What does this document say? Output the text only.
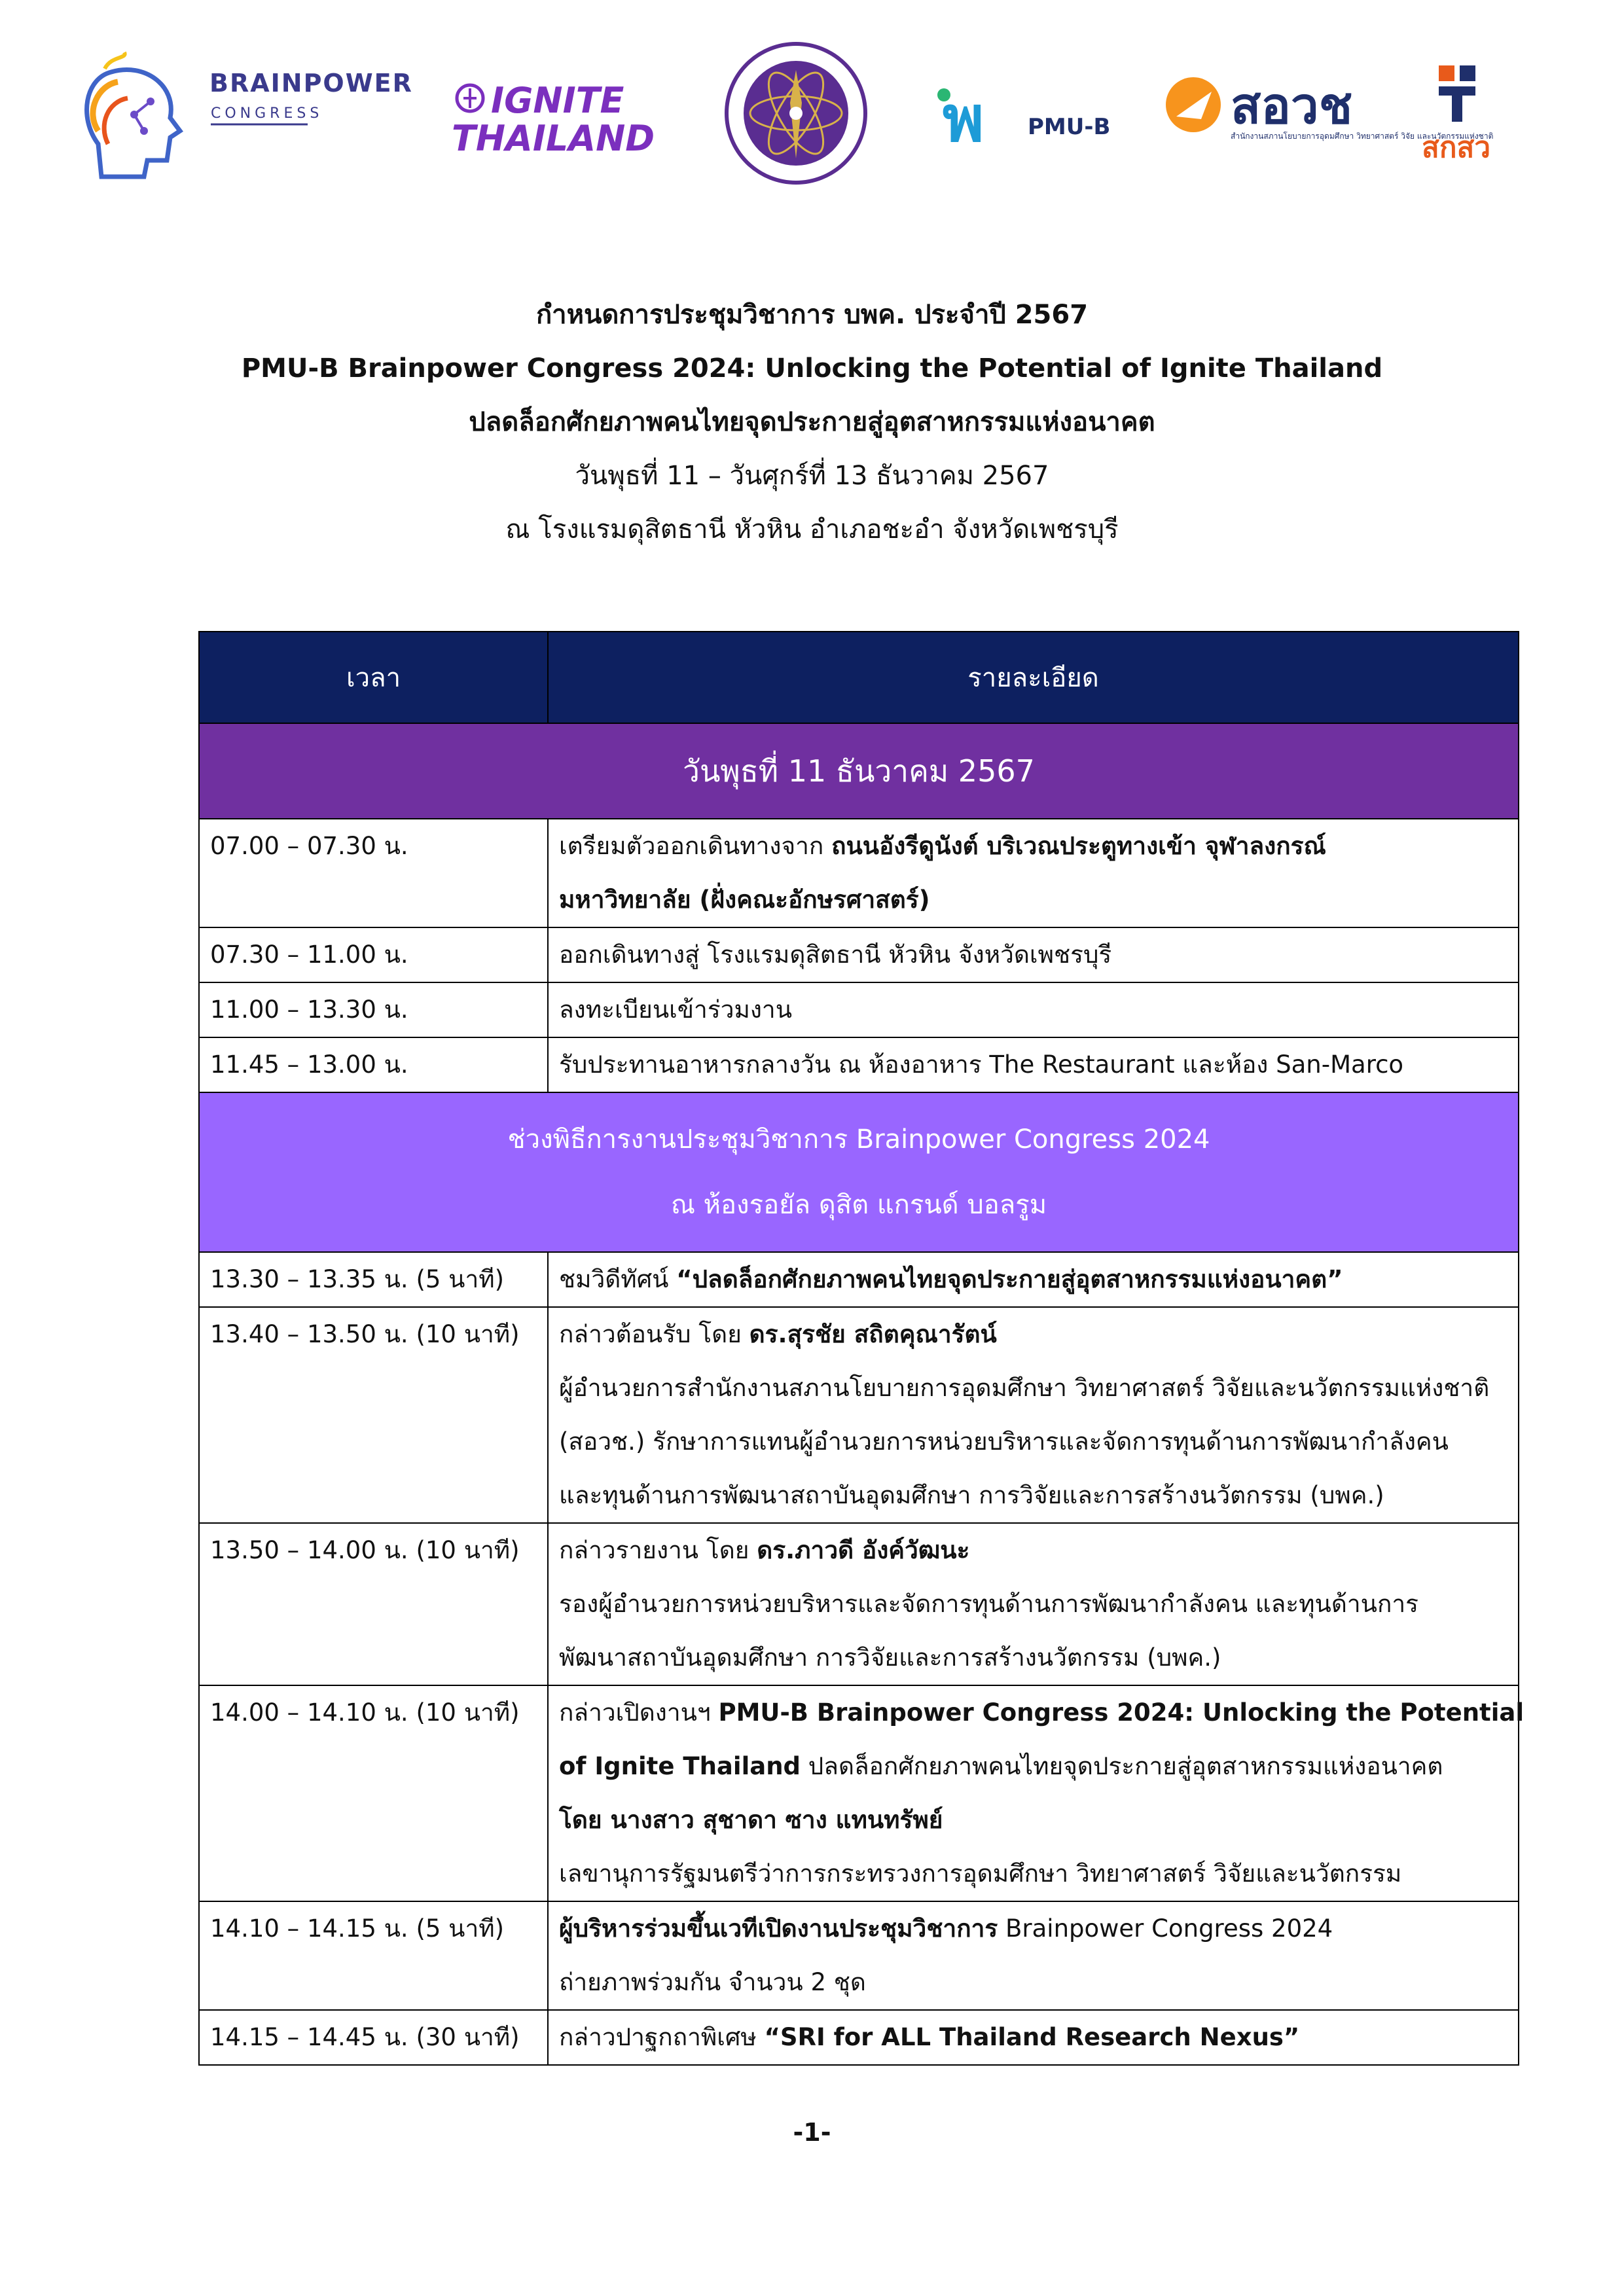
BRAINPOWER
CONGRESS	IGNITE
THAILAND	พ PMU-B สอวช
สำนักงานสภานโยบายการอุดมศึกษา วิทยาศาสตร์ วิจัย และนวัตกรรมแห่งชาติ
สกสว
กำหนดการประชุมวิชาการ บพค. ประจำปี 2567
PMU-B Brainpower Congress 2024: Unlocking the Potential of Ignite Thailand
ปลดล็อกศักยภาพคนไทยจุดประกายสู่อุตสาหกรรมแห่งอนาคต
วันพุธที่ 11 – วันศุกร์ที่ 13 ธันวาคม 2567
ณ โรงแรมดุสิตธานี หัวหิน อำเภอชะอำ จังหวัดเพชรบุรี
เวลา	รายละเอียด
วันพุธที่ 11 ธันวาคม 2567	
07.00 – 07.30 น.	เตรียมตัวออกเดินทางจาก ถนนอังรีดูนังต์ บริเวณประตูทางเข้า จุฬาลงกรณ์
มหาวิทยาลัย (ฝั่งคณะอักษรศาสตร์)

07.30 – 11.00 น.	ออกเดินทางสู่ โรงแรมดุสิตธานี หัวหิน จังหวัดเพชรบุรี
11.00 – 13.30 น.	ลงทะเบียนเข้าร่วมงาน
11.45 – 13.00 น.	รับประทานอาหารกลางวัน ณ ห้องอาหาร The Restaurant และห้อง San-Marco

ช่วงพิธีการงานประชุมวิชาการ Brainpower Congress 2024
ณ ห้องรอยัล ดุสิต แกรนด์ บอลรูม	

13.30 – 13.35 น. (5 นาที)	ชมวิดีทัศน์ “ปลดล็อกศักยภาพคนไทยจุดประกายสู่อุตสาหกรรมแห่งอนาคต”

13.40 – 13.50 น. (10 นาที)	กล่าวต้อนรับ โดย ดร.สุรชัย สถิตคุณารัตน์
ผู้อำนวยการสำนักงานสภานโยบายการอุดมศึกษา วิทยาศาสตร์ วิจัยและนวัตกรรมแห่งชาติ
(สอวช.) รักษาการแทนผู้อำนวยการหน่วยบริหารและจัดการทุนด้านการพัฒนากำลังคน
และทุนด้านการพัฒนาสถาบันอุดมศึกษา การวิจัยและการสร้างนวัตกรรม (บพค.)

13.50 – 14.00 น. (10 นาที)	กล่าวรายงาน โดย ดร.ภาวดี อังค์วัฒนะ
รองผู้อำนวยการหน่วยบริหารและจัดการทุนด้านการพัฒนากำลังคน และทุนด้านการ
พัฒนาสถาบันอุดมศึกษา การวิจัยและการสร้างนวัตกรรม (บพค.)

14.00 – 14.10 น. (10 นาที)	กล่าวเปิดงานฯ PMU-B Brainpower Congress 2024: Unlocking the Potential
of Ignite Thailand ปลดล็อกศักยภาพคนไทยจุดประกายสู่อุตสาหกรรมแห่งอนาคต
โดย นางสาว สุชาดา ซาง แทนทรัพย์
เลขานุการรัฐมนตรีว่าการกระทรวงการอุดมศึกษา วิทยาศาสตร์ วิจัยและนวัตกรรม

14.10 – 14.15 น. (5 นาที)	ผู้บริหารร่วมขึ้นเวทีเปิดงานประชุมวิชาการ Brainpower Congress 2024
ถ่ายภาพร่วมกัน จำนวน 2 ชุด

14.15 – 14.45 น. (30 นาที)	กล่าวปาฐกถาพิเศษ “SRI for ALL Thailand Research Nexus”
-1-
